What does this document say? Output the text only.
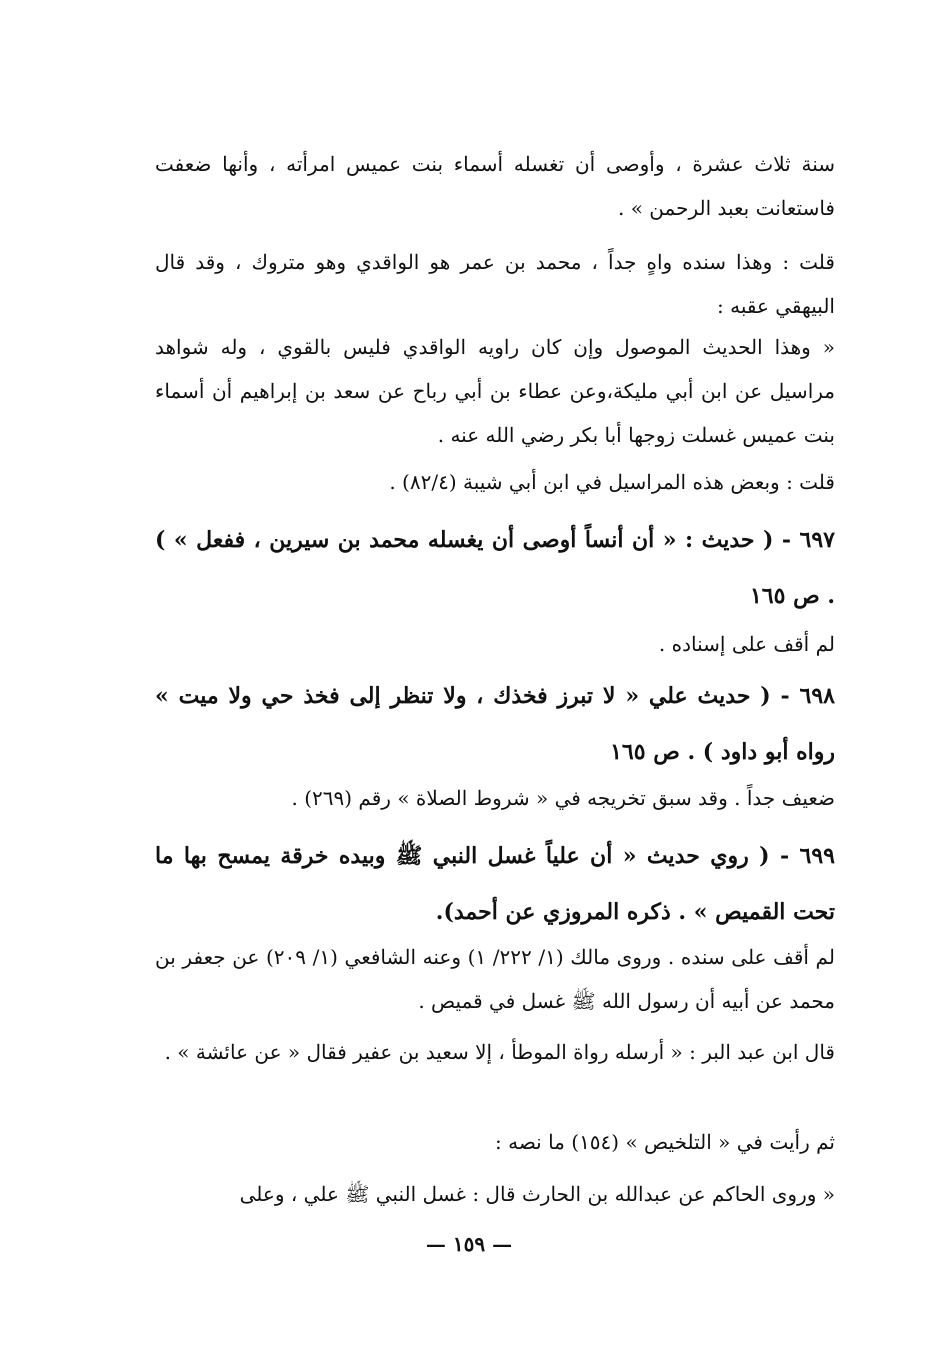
سنة ثلاث عشرة ، وأوصى أن تغسله أسماء بنت عميس امرأته ، وأنها ضعفت فاستعانت بعبد الرحمن » .

قلت : وهذا سنده واهٍ جداً ، محمد بن عمر هو الواقدي وهو متروك ، وقد قال البيهقي عقبه :

« وهذا الحديث الموصول وإن كان راويه الواقدي فليس بالقوي ، وله شواهد مراسيل عن ابن أبي مليكة،وعن عطاء بن أبي رباح عن سعد بن إبراهيم أن أسماء بنت عميس غسلت زوجها أبا بكر رضي الله عنه .

قلت : وبعض هذه المراسيل في ابن أبي شيبة (٨٢/٤) .

٦٩٧ - ( حديث : « أن أنساً أوصى أن يغسله محمد بن سيرين ، ففعل » ) . ص ١٦٥

لم أقف على إسناده .

٦٩٨ - ( حديث علي « لا تبرز فخذك ، ولا تنظر إلى فخذ حي ولا ميت » رواه أبو داود ) . ص ١٦٥

ضعيف جداً . وقد سبق تخريجه في « شروط الصلاة » رقم (٢٦٩) .

٦٩٩ - ( روي حديث « أن علياً غسل النبي ﷺ وبيده خرقة يمسح بها ما تحت القميص » . ذكره المروزي عن أحمد).

لم أقف على سنده . وروى مالك (١/ ٢٢٢/ ١) وعنه الشافعي (١/ ٢٠٩) عن جعفر بن محمد عن أبيه أن رسول الله ﷺ غسل في قميص .

قال ابن عبد البر : « أرسله رواة الموطأ ، إلا سعيد بن عفير فقال « عن عائشة » .

ثم رأيت في « التلخيص » (١٥٤) ما نصه :

« وروى الحاكم عن عبدالله بن الحارث قال : غسل النبي ﷺ علي ، وعلى

— ١٥٩ —
